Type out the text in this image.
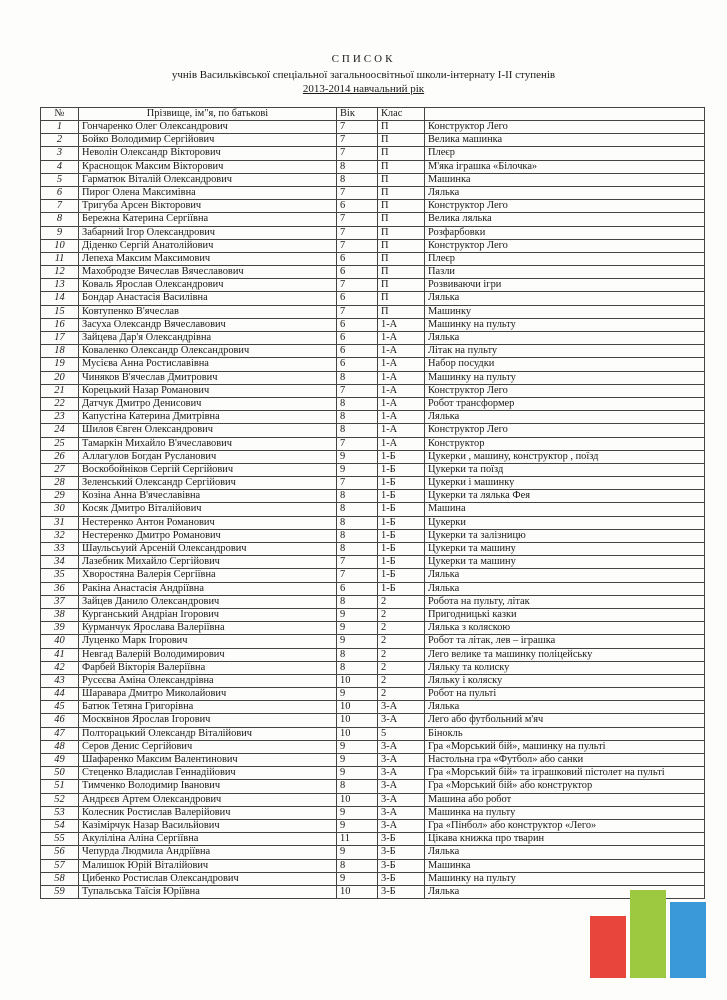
СПИСОК
учнів Васильківської спеціальної загальноосвітньої школи-інтернату І-ІІ ступенів
2013-2014 навчальний рік
№	Прізвище, ім"я, по батькові	Вік	Клас	
1	Гончаренко Олег Олександрович	7	П	Конструктор Лего
2	Бойко Володимир Сергійович	7	П	Велика машинка
3	Неволін Олександр Вікторович	7	П	Плеєр
4	Краснощок Максим Вікторович	8	П	М'яка іграшка «Білочка»
5	Гарматюк Віталій Олександрович	8	П	Машинка
6	Пирог Олена Максимівна	7	П	Лялька
7	Тригуба Арсен Вікторович	6	П	Конструктор Лего
8	Бережна Катерина Сергіївна	7	П	Велика лялька
9	Забарний Ігор Олександрович	7	П	Розфарбовки
10	Діденко Сергій Анатолійович	7	П	Конструктор Лего
11	Лепеха Максим Максимович	6	П	Плеєр
12	Махобродзе Вячеслав Вячеславович	6	П	Пазли
13	Коваль Ярослав Олександрович	7	П	Розвиваючи ігри
14	Бондар Анастасія Василівна	6	П	Лялька
15	Ковтупенко В'ячеслав	7	П	Машинку
16	Засуха Олександр Вячеславович	6	1-А	Машинку на пульту
17	Зайцева Дар'я Олександрівна	6	1-А	Лялька
18	Коваленко Олександр Олександрович	6	1-А	Літак на пульту
19	Мусієва Анна Ростиславівна	6	1-А	Набор посудки
20	Чиняков В'ячеслав Дмитрович	8	1-А	Машинку на пульту
21	Корецький Назар Романович	7	1-А	Конструктор Лего
22	Датчук Дмитро Денисович	8	1-А	Робот трансформер
23	Капустіна Катерина Дмитрівна	8	1-А	Лялька
24	Шилов Євген Олександрович	8	1-А	Конструктор Лего
25	Тамаркін Михайло В'ячеславович	7	1-А	Конструктор
26	Аллагулов Богдан Русланович	9	1-Б	Цукерки , машину, конструктор , поїзд
27	Воскобойніков Сергій Сергійович	9	1-Б	Цукерки та поїзд
28	Зеленський Олександр Сергійович	7	1-Б	Цукерки і машинку
29	Козіна Анна В'ячеславівна	8	1-Б	Цукерки та лялька Фея
30	Косяк Дмитро Віталійович	8	1-Б	Машина
31	Нестеренко Антон Романович	8	1-Б	Цукерки
32	Нестеренко Дмитро Романович	8	1-Б	Цукерки та залізницю
33	Шаульсьуий Арсеній Олександрович	8	1-Б	Цукерки та машину
34	Лазебник Михайло Сергійович	7	1-Б	Цукерки та машину
35	Хворостяна Валерія Сергіївна	7	1-Б	Лялька
36	Ракіна Анастасія Андріївна	6	1-Б	Лялька
37	Зайцев Данило Олександрович	8	2	Робота на пульту, літак
38	Курганський Андріан Ігорович	9	2	Пригодницькі казки
39	Курманчук Ярослава Валеріївна	9	2	Лялька з коляскою
40	Луценко Марк Ігорович	9	2	Робот та літак, лев – іграшка
41	Невгад Валерій Володимирович	8	2	Лего велике та машинку поліцейську
42	Фарбей Вікторія Валеріївна	8	2	Ляльку та колиску
43	Русєєва Аміна Олександрівна	10	2	Ляльку і коляску
44	Шаравара Дмитро Миколайович	9	2	Робот на пульті
45	Батюк Тетяна Григорівна	10	3-А	Лялька
46	Москвінов Ярослав Ігорович	10	3-А	Лего або футбольний м'яч
47	Полторацький Олександр Віталійович	10	5	Бінокль
48	Серов Денис Сергійович	9	3-А	Гра «Морський бій», машинку на пульті
49	Шафаренко Максим Валентинович	9	3-А	Настольна гра «Футбол» або санки
50	Стеценко Владислав Геннадійович	9	3-А	Гра «Морський бій» та іграшковий пістолет на пульті
51	Тимченко Володимир Іванович	8	3-А	Гра «Морський бій» або конструктор
52	Андрєєв Артем Олександрович	10	3-А	Машина або робот
53	Колесник Ростислав Валерійович	9	3-А	Машинка на пульту
54	Казімірчук Назар Васильйович	9	3-А	Гра «Пінбол» або конструктор «Лего»
55	Акуліліна Аліна Сергіївна	11	3-Б	Цікава книжка про тварин
56	Чепурда Людмила Андріївна	9	3-Б	Лялька
57	Малишок Юрій Віталійович	8	3-Б	Машинка
58	Цибенко Ростислав Олександрович	9	3-Б	Машинку на пульту
59	Тупальська Таїсія Юріївна	10	3-Б	Лялька
